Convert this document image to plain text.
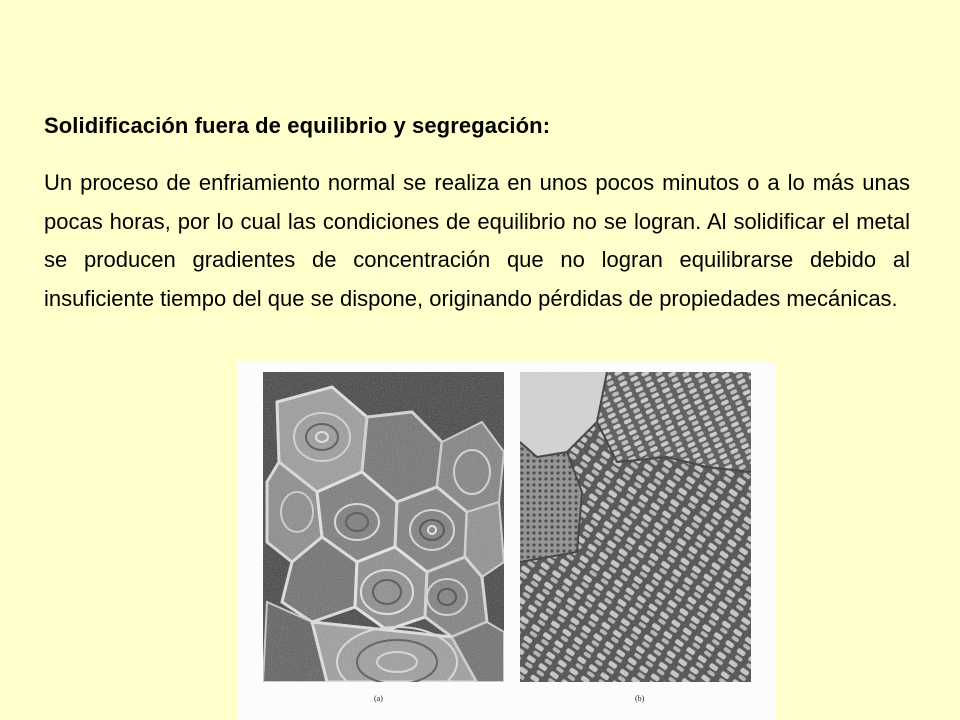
Solidificación fuera de equilibrio y segregación:
Un proceso de enfriamiento normal se realiza en unos pocos minutos o a lo más unas pocas horas, por lo cual las condiciones de equilibrio no se logran. Al solidificar el metal se producen gradientes de concentración que no logran equilibrarse debido al insuficiente tiempo del que se dispone, originando pérdidas de propiedades mecánicas.
(a)	(b)
